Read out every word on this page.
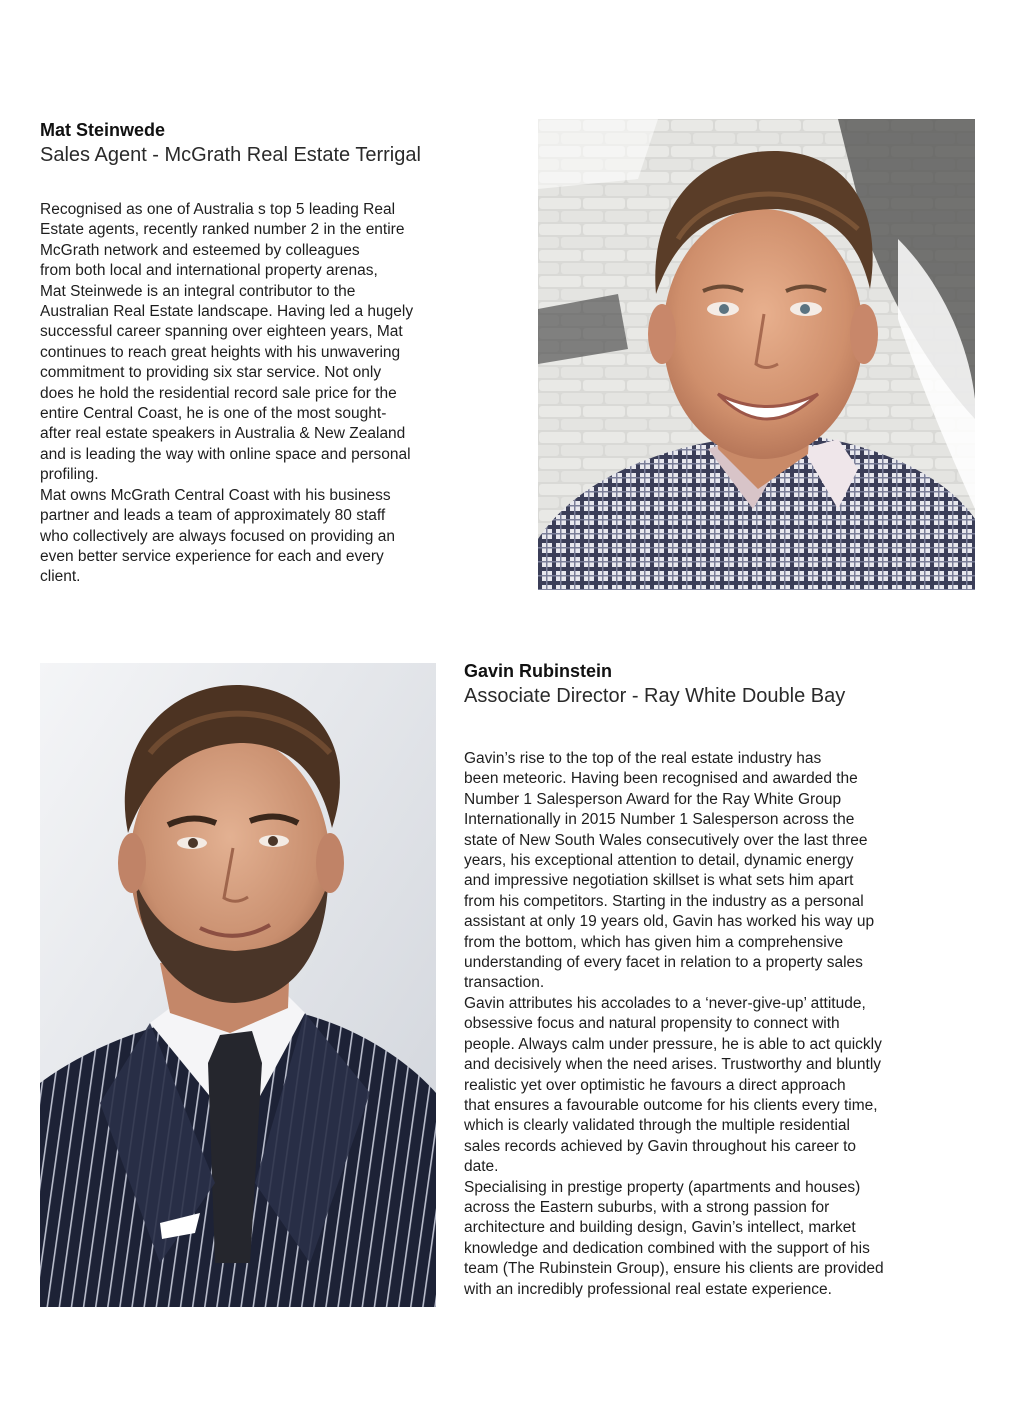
Mat Steinwede

Sales Agent - McGrath Real Estate Terrigal

Recognised as one of Australia s top 5 leading Real
Estate agents, recently ranked number 2 in the entire
McGrath network and esteemed by colleagues
from both local and international property arenas,
Mat Steinwede is an integral contributor to the
Australian Real Estate landscape. Having led a hugely
successful career spanning over eighteen years, Mat
continues to reach great heights with his unwavering
commitment to providing six star service. Not only
does he hold the residential record sale price for the
entire Central Coast, he is one of the most sought-
after real estate speakers in Australia & New Zealand
and is leading the way with online space and personal
profiling.

Mat owns McGrath Central Coast with his business
partner and leads a team of approximately 80 staff
who collectively are always focused on providing an
even better service experience for each and every
client.

Gavin Rubinstein

Associate Director - Ray White Double Bay

Gavin’s rise to the top of the real estate industry has
been meteoric. Having been recognised and awarded the
Number 1 Salesperson Award for the Ray White Group
Internationally in 2015 Number 1 Salesperson across the
state of New South Wales consecutively over the last three
years, his exceptional attention to detail, dynamic energy
and impressive negotiation skillset is what sets him apart
from his competitors. Starting in the industry as a personal
assistant at only 19 years old, Gavin has worked his way up
from the bottom, which has given him a comprehensive
understanding of every facet in relation to a property sales
transaction.

Gavin attributes his accolades to a ‘never-give-up’ attitude,
obsessive focus and natural propensity to connect with
people. Always calm under pressure, he is able to act quickly
and decisively when the need arises. Trustworthy and bluntly
realistic yet over optimistic he favours a direct approach
that ensures a favourable outcome for his clients every time,
which is clearly validated through the multiple residential
sales records achieved by Gavin throughout his career to
date.

Specialising in prestige property (apartments and houses)
across the Eastern suburbs, with a strong passion for
architecture and building design, Gavin’s intellect, market
knowledge and dedication combined with the support of his
team (The Rubinstein Group), ensure his clients are provided
with an incredibly professional real estate experience.
